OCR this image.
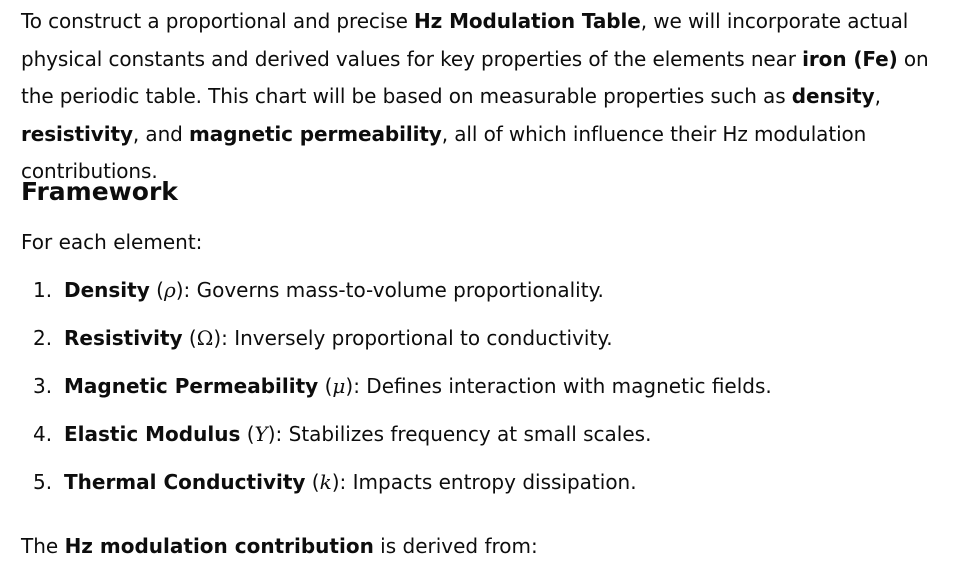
To construct a proportional and precise Hz Modulation Table, we will incorporate actual physical constants and derived values for key properties of the elements near iron (Fe) on the periodic table. This chart will be based on measurable properties such as density, resistivity, and magnetic permeability, all of which influence their Hz modulation contributions.

Framework

For each element:

1. Density (ρ): Governs mass-to-volume proportionality.
2. Resistivity (Ω): Inversely proportional to conductivity.
3. Magnetic Permeability (μ): Defines interaction with magnetic fields.
4. Elastic Modulus (Y): Stabilizes frequency at small scales.
5. Thermal Conductivity (k): Impacts entropy dissipation.

The Hz modulation contribution is derived from:
